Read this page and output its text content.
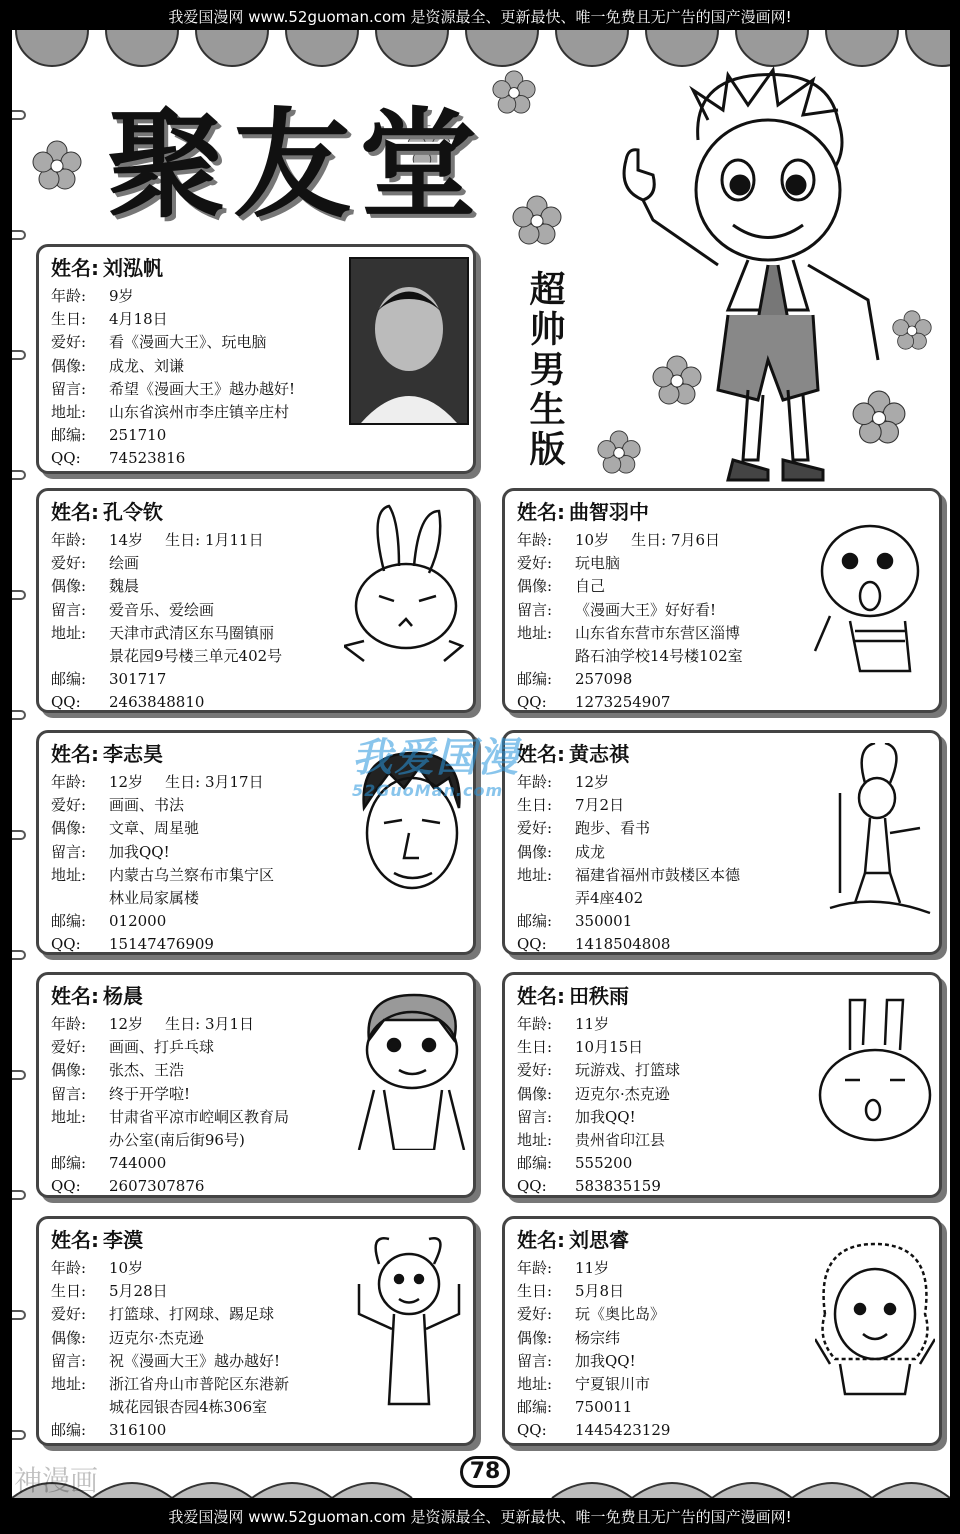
我爱国漫网 www.52guoman.com 是资源最全、更新最快、唯一免费且无广告的国产漫画网!
聚友堂
超帅男生版
姓名: 刘泓帆
年龄: 9岁
生日: 4月18日
爱好: 看《漫画大王》、玩电脑
偶像: 成龙、刘谦
留言: 希望《漫画大王》越办越好!
地址: 山东省滨州市李庄镇辛庄村
邮编: 251710
QQ: 74523816
姓名: 孔令钦
年龄: 14岁 生日: 1月11日
爱好: 绘画
偶像: 魏晨
留言: 爱音乐、爱绘画
地址: 天津市武清区东马圈镇丽
景花园9号楼三单元402号
邮编: 301717
QQ: 2463848810
姓名: 曲智羽中
年龄: 10岁 生日: 7月6日
爱好: 玩电脑
偶像: 自己
留言: 《漫画大王》好好看!
地址: 山东省东营市东营区淄博
路石油学校14号楼102室
邮编: 257098
QQ: 1273254907
姓名: 李志昊
年龄: 12岁 生日: 3月17日
爱好: 画画、书法
偶像: 文章、周星驰
留言: 加我QQ!
地址: 内蒙古乌兰察布市集宁区
林业局家属楼
邮编: 012000
QQ: 15147476909
姓名: 黄志祺
年龄: 12岁
生日: 7月2日
爱好: 跑步、看书
偶像: 成龙
地址: 福建省福州市鼓楼区本德
弄4座402
邮编: 350001
QQ: 1418504808
姓名: 杨晨
年龄: 12岁 生日: 3月1日
爱好: 画画、打乒乓球
偶像: 张杰、王浩
留言: 终于开学啦!
地址: 甘肃省平凉市崆峒区教育局
办公室(南后街96号)
邮编: 744000
QQ: 2607307876
姓名: 田秩雨
年龄: 11岁
生日: 10月15日
爱好: 玩游戏、打篮球
偶像: 迈克尔·杰克逊
留言: 加我QQ!
地址: 贵州省印江县
邮编: 555200
QQ: 583835159
姓名: 李漠
年龄: 10岁
生日: 5月28日
爱好: 打篮球、打网球、踢足球
偶像: 迈克尔·杰克逊
留言: 祝《漫画大王》越办越好!
地址: 浙江省舟山市普陀区东港新
城花园银杏园4栋306室
邮编: 316100
姓名: 刘思睿
年龄: 11岁
生日: 5月8日
爱好: 玩《奥比岛》
偶像: 杨宗纬
留言: 加我QQ!
地址: 宁夏银川市
邮编: 750011
QQ: 1445423129
我爱国漫
52GuoMan.com
78
神漫画
我爱国漫网 www.52guoman.com 是资源最全、更新最快、唯一免费且无广告的国产漫画网!
